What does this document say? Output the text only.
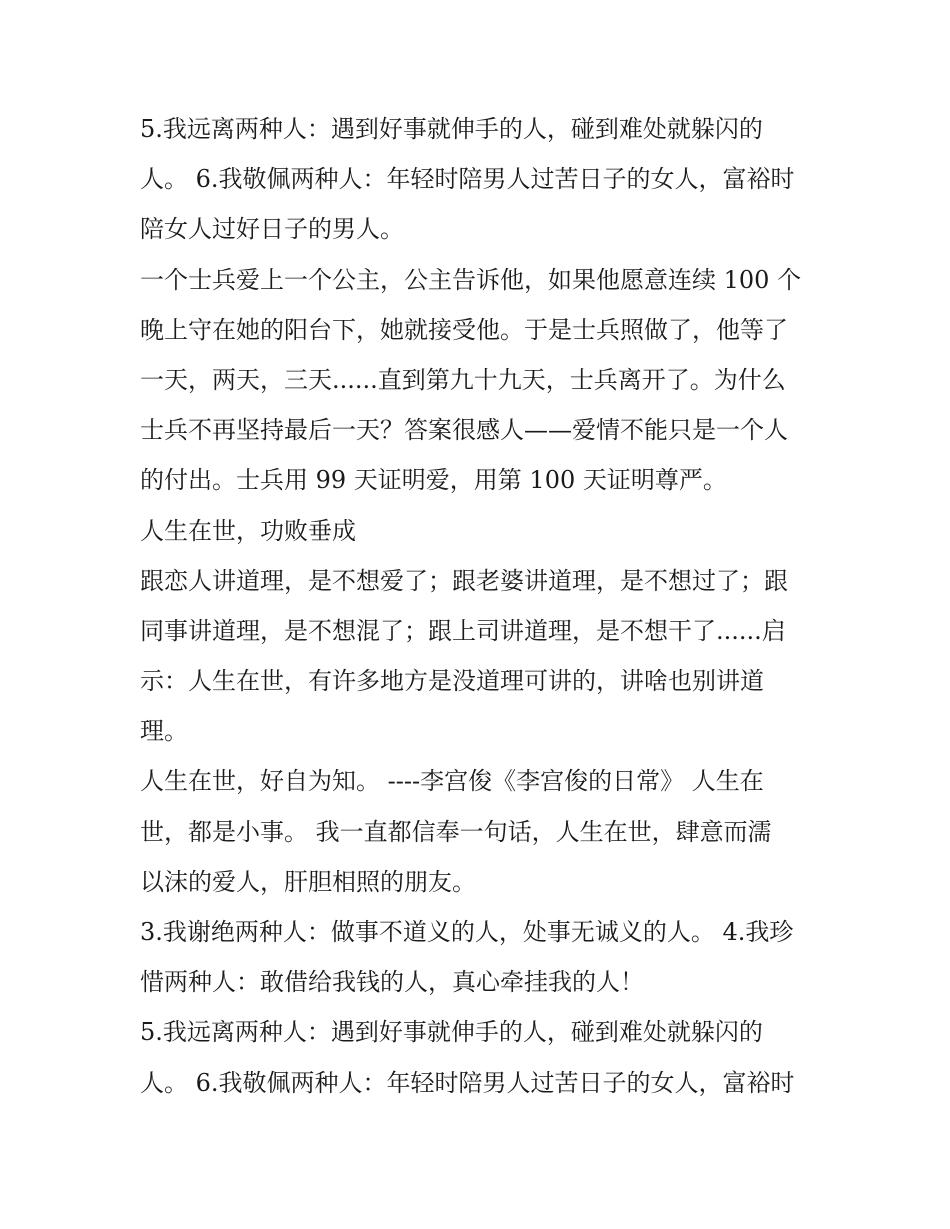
5.我远离两种人：遇到好事就伸手的人，碰到难处就躲闪的
人。 6.我敬佩两种人：年轻时陪男人过苦日子的女人，富裕时
陪女人过好日子的男人。
一个士兵爱上一个公主，公主告诉他，如果他愿意连续 100 个
晚上守在她的阳台下，她就接受他。于是士兵照做了，他等了
一天，两天，三天......直到第九十九天，士兵离开了。为什么
士兵不再坚持最后一天？答案很感人——爱情不能只是一个人
的付出。士兵用 99 天证明爱，用第 100 天证明尊严。
人生在世，功败垂成
跟恋人讲道理，是不想爱了；跟老婆讲道理，是不想过了；跟
同事讲道理，是不想混了；跟上司讲道理，是不想干了......启
示：人生在世，有许多地方是没道理可讲的，讲啥也别讲道
理。
人生在世，好自为知。 ----李宫俊《李宫俊的日常》 人生在
世，都是小事。 我一直都信奉一句话，人生在世，肆意而濡
以沫的爱人，肝胆相照的朋友。
3.我谢绝两种人：做事不道义的人，处事无诚义的人。 4.我珍
惜两种人：敢借给我钱的人，真心牵挂我的人！
5.我远离两种人：遇到好事就伸手的人，碰到难处就躲闪的
人。 6.我敬佩两种人：年轻时陪男人过苦日子的女人，富裕时
